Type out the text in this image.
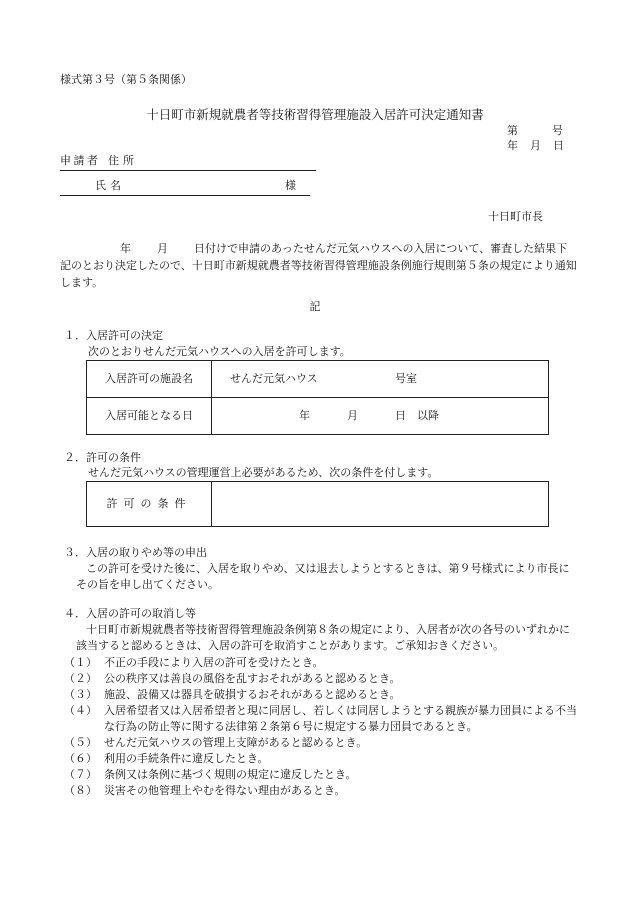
様式第３号（第５条関係）
十日町市新規就農者等技術習得管理施設入居許可決定通知書
第	号
年 月 日
申請者 住所
氏名	様
十日町市長
年 月 日付けで申請のあったせんだ元気ハウスへの入居について、審査した結果下記のとおり決定したので、十日町市新規就農者等技術習得管理施設条例施行規則第５条の規定により通知します。
記
１．入居許可の決定
次のとおりせんだ元気ハウスへの入居を許可します。
入居許可の施設名	せんだ元気ハウス 号室

入居可能となる日	年 月 日 以降
２．許可の条件
せんだ元気ハウスの管理運営上必要があるため、次の条件を付します。
許可の条件	
３．入居の取りやめ等の申出
この許可を受けた後に、入居を取りやめ、又は退去しようとするときは、第９号様式により市長にその旨を申し出てください。
４．入居の許可の取消し等
十日町市新規就農者等技術習得管理施設条例第８条の規定により、入居者が次の各号のいずれかに該当すると認めるときは、入居の許可を取消すことがあります。ご承知おきください。
（１） 不正の手段により入居の許可を受けたとき。
（２） 公の秩序又は善良の風俗を乱すおそれがあると認めるとき。
（３） 施設、設備又は器具を破損するおそれがあると認めるとき。
（４） 入居希望者又は入居希望者と現に同居し、若しくは同居しようとする親族が暴力団員による不当な行為の防止等に関する法律第２条第６号に規定する暴力団員であるとき。
（５） せんだ元気ハウスの管理上支障があると認めるとき。
（６） 利用の手続条件に違反したとき。
（７） 条例又は条例に基づく規則の規定に違反したとき。
（８） 災害その他管理上やむを得ない理由があるとき。
